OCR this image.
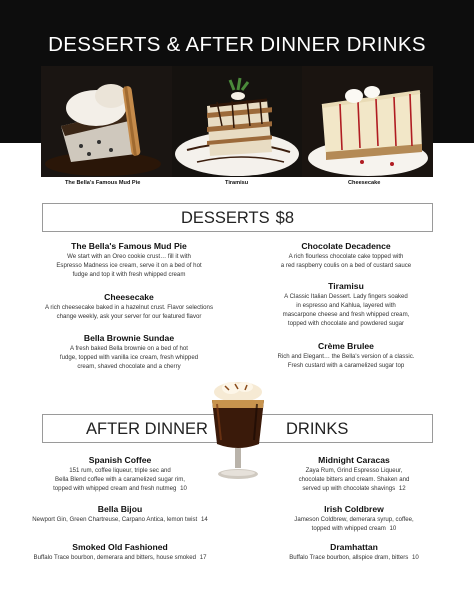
DESSERTS & AFTER DINNER DRINKS
The Bella's Famous Mud Pie	Tiramisu	Cheesecake
DESSERTS $8
The Bella's Famous Mud Pie
We start with an Oreo cookie crust… fill it with
Espresso Madness ice cream, serve it on a bed of hot
fudge and top it with fresh whipped cream
Cheesecake
A rich cheesecake baked in a hazelnut crust. Flavor selections
change weekly, ask your server for our featured flavor
Bella Brownie Sundae
A fresh baked Bella brownie on a bed of hot
fudge, topped with vanilla ice cream, fresh whipped
cream, shaved chocolate and a cherry
Chocolate Decadence
A rich flourless chocolate cake topped with
a red raspberry coulis on a bed of custard sauce
Tiramisu
A Classic Italian Dessert. Lady fingers soaked
in espresso and Kahlua, layered with
mascarpone cheese and fresh whipped cream,
topped with chocolate and powdered sugar
Crème Brulee
Rich and Elegant… the Bella's version of a classic.
Fresh custard with a caramelized sugar top
AFTER DINNER	DRINKS
Spanish Coffee
151 rum, coffee liqueur, triple sec and
Bella Blend coffee with a caramelized sugar rim,
topped with whipped cream and fresh nutmeg 10
Bella Bijou
Newport Gin, Green Chartreuse, Carpano Antica, lemon twist 14
Smoked Old Fashioned
Buffalo Trace bourbon, demerara and bitters, house smoked 17
Midnight Caracas
Zaya Rum, Grind Espresso Liqueur,
chocolate bitters and cream. Shaken and
served up with chocolate shavings 12
Irish Coldbrew
Jameson Coldbrew, demerara syrup, coffee,
topped with whipped cream 10
Dramhattan
Buffalo Trace bourbon, allspice dram, bitters 10
